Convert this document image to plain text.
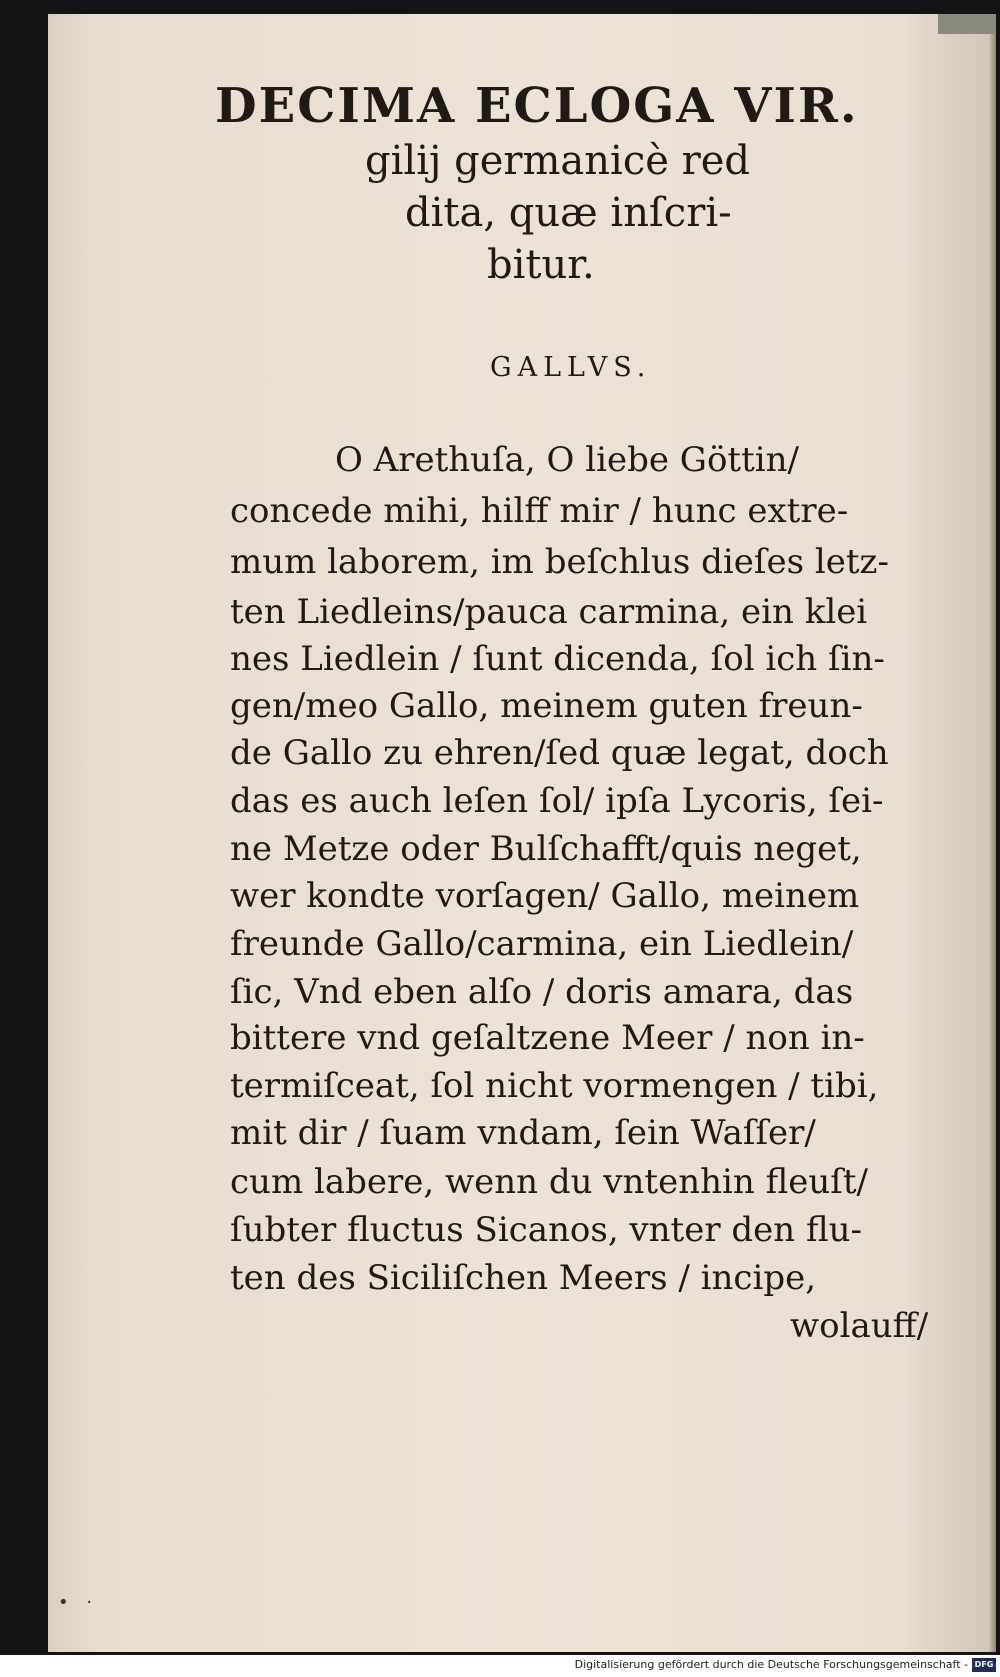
DECIMA ECLOGA VIR.
gilij germanicè red
dita, quæ inſcri-
bitur.
GALLVS.
O Arethuſa, O liebe Göttin/
concede mihi, hilff mir / hunc extre-
mum laborem, im beſchlus dieſes letz-
ten Liedleins/pauca carmina, ein klei
nes Liedlein / ſunt dicenda, ſol ich ſin-
gen/meo Gallo, meinem guten freun-
de Gallo zu ehren/ſed quæ legat, doch
das es auch leſen ſol/ ipſa Lycoris, ſei-
ne Metze oder Bulſchafft/quis neget,
wer kondte vorſagen/ Gallo, meinem
freunde Gallo/carmina, ein Liedlein/
ſic, Vnd eben alſo / doris amara, das
bittere vnd geſaltzene Meer / non in-
termiſceat, ſol nicht vormengen / tibi,
mit dir / ſuam vndam, ſein Waſſer/
cum labere, wenn du vntenhin fleuſt/
ſubter fluctus Sicanos, vnter den flu-
ten des Siciliſchen Meers / incipe,
wolauff/
• ·
Digitalisierung gefördert durch die Deutsche Forschungsgemeinschaft - DFG
